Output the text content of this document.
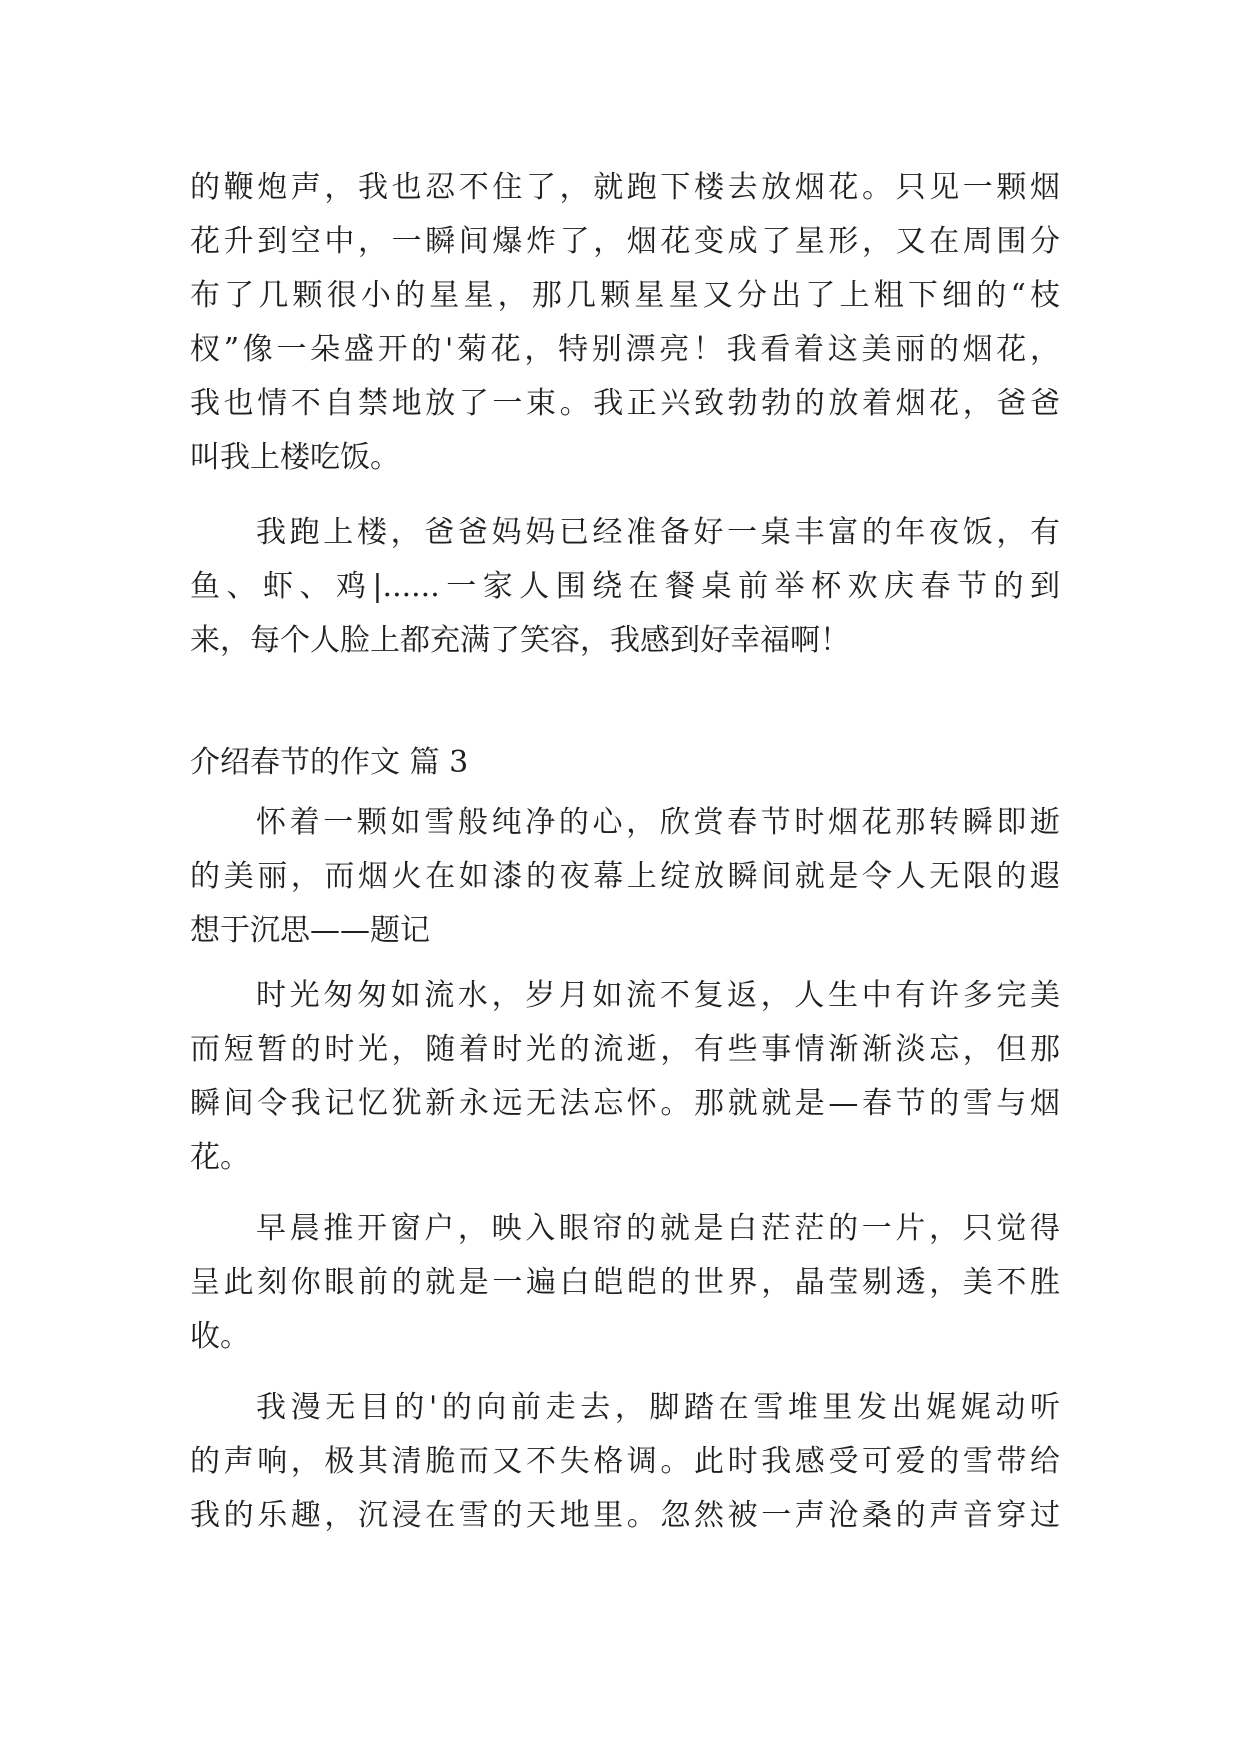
的鞭炮声，我也忍不住了，就跑下楼去放烟花。只见一颗烟
花升到空中，一瞬间爆炸了，烟花变成了星形，又在周围分
布了几颗很小的星星，那几颗星星又分出了上粗下细的“枝
杈”像一朵盛开的'菊花，特别漂亮！我看着这美丽的烟花，
我也情不自禁地放了一束。我正兴致勃勃的放着烟花，爸爸
叫我上楼吃饭。
我跑上楼，爸爸妈妈已经准备好一桌丰富的年夜饭，有
鱼、虾、鸡|......一家人围绕在餐桌前举杯欢庆春节的到
来，每个人脸上都充满了笑容，我感到好幸福啊！
介绍春节的作文 篇 3
怀着一颗如雪般纯净的心，欣赏春节时烟花那转瞬即逝
的美丽，而烟火在如漆的夜幕上绽放瞬间就是令人无限的遐
想于沉思——题记
时光匆匆如流水，岁月如流不复返，人生中有许多完美
而短暂的时光，随着时光的流逝，有些事情渐渐淡忘，但那
瞬间令我记忆犹新永远无法忘怀。那就就是—春节的雪与烟
花。
早晨推开窗户，映入眼帘的就是白茫茫的一片，只觉得
呈此刻你眼前的就是一遍白皑皑的世界，晶莹剔透，美不胜
收。
我漫无目的'的向前走去，脚踏在雪堆里发出娓娓动听
的声响，极其清脆而又不失格调。此时我感受可爱的雪带给
我的乐趣，沉浸在雪的天地里。忽然被一声沧桑的声音穿过
